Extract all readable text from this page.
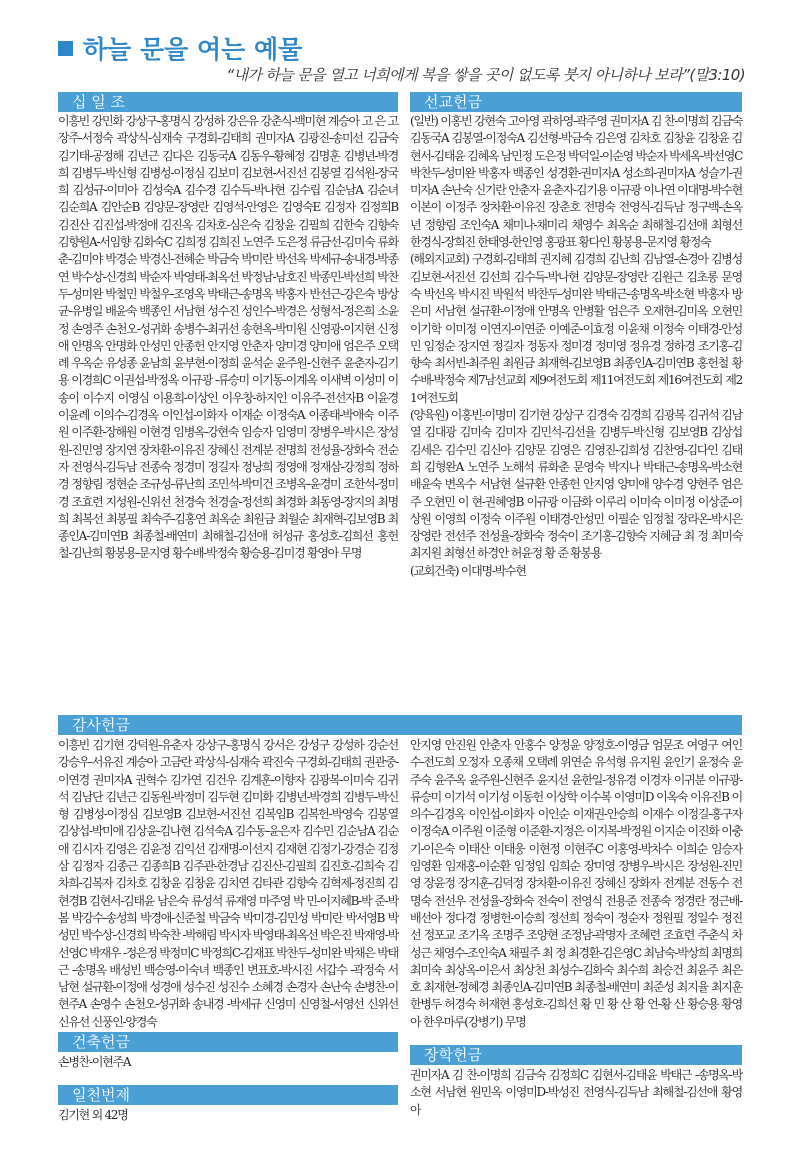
하늘 문을 여는 예물
“내가 하늘 문을 열고 너희에게 복을 쌓을 곳이 없도록 붓지 아니하나 보라”(말3:10)
십 일 조
이흥빈 강민화 강상구-홍명식 강성하 강은유 강춘식-백미현 계승아 고 은 고장주-서정숙 곽상식-심재숙 구경회-김태희 권미자A 김광진-송미선 김금숙 김기태-공정해 김년근 김다은 김동국A 김동우-황혜정 김명훈 김병년-박경희 김병두-박신형 김병성-이정심 김보미 김보현-서진선 김봉열 김석원-장국희 김성규-이미아 김성숙A 김수경 김수득-박나현 김수립 김순남A 김순녀 김순희A 김안순B 김양문-장영란 김영석-안영은 김영숙E 김정자 김정희B 김진산 김진섭-박정애 김진옥 김차호-심은숙 김창윤 김필희 김한숙 김향숙 김향원A-서임향 김화숙C 김희정 김희진 노연주 도은정 류금선-김미숙 류화춘-김미야 박경순 박경신-전혜순 박금숙 박미란 박선옥 박세규-송내경-박종연 박수상-신경희 박순자 박영태-최옥선 박정남-남호진 박종민-박선희 박찬두-성미완 박철민 박철우-조영옥 박태근-송명옥 박홍자 반선근-강은숙 방상균-유병일 배윤숙 백종인 서남현 성수진 성인수-박경은 성형석-정은희 소윤정 손영주 손천오-성귀화 송병수-최귀선 송현옥-박미원 신영광-이지현 신정애 안명옥 안명화 안성민 안종헌 안지영 안춘자 양미경 양미애 엄은주 오택례 우옥순 유성종 윤남희 윤부현-이정희 윤석순 윤주원-신현주 윤춘자-김기용 이경희C 이권섭-박정옥 이규광 -류승미 이기동-이계옥 이새벽 이성미 이송이 이수지 이영심 이용희-이상인 이우창-하지인 이유주-전선자B 이윤경 이윤례 이의수-김경옥 이인섭-이화자 이재순 이정숙A 이종태-박애숙 이주원 이주환-장해원 이현경 임병옥-강현숙 임승자 임영미 장병우-박시은 장성원-진민영 장지연 장차환-이유진 장혜신 전계분 전명희 전성율-장화숙 전순자 전영식-김득남 전종숙 정경미 정길자 정낭희 정영애 정재삼-강정희 정하경 정향림 정현순 조규성-류난희 조민석-박미건 조병옥-윤경미 조한석-정미경 조효련 지성원-신위선 천경숙 천경술-정선희 최경화 최동영-장지의 최명희 최복선 최봉필 최숙주-김홍연 최옥순 최원금 최월순 최재혁-김보영B 최종인A-김미연B 최종철-배연미 최해철-김선애 허성규 홍성호-김희선 홍헌철-김난희 황봉용-문지영 황수배-박정숙 황승용-김미경 황영아 무명
선교헌금
(일반) 이홍빈 강현숙 고아영 곽하영-곽주영 권미자A 김 찬-이명희 김금숙 김동국A 김봉열-이정숙A 김선형-박금숙 김은영 김차호 김창윤 김창윤 김현서-김태윤 김혜옥 남민정 도은정 박덕일-이순영 박순자 박세옥-박선영C 박찬두-성미완 박홍자 백종인 성경환-권미자A 성소희-권미자A 성슬기-권미자A 손난숙 신기란 안춘자 윤춘자-김기용 이규광 이나연 이대명-박수현 이본이 이정주 장차환-이유진 장춘호 전명숙 전영식-김득남 정구백-손옥년 정향림 조인숙A 채미나-채미리 채영수 최옥순 최해철-김선애 최형선 한경식-장희진 한태영-한인영 홍광표 황다인 황봉용-문지영 황정숙
(해외지교회) 구경회-김태희 권지혜 김경희 김난희 김남열-손경아 김병성 김보현-서진선 김선희 김수득-박나현 김양문-장영란 김원근 김초롱 문영숙 박선옥 박시진 박원석 박찬두-성미완 박태근-송명옥-박소현 박홍자 방은미 서남현 설규환-이정애 안명옥 안병활 엄은주 오재현-김미옥 오현민 이기학 이미정 이연지-이연준 이예준-이효정 이윤채 이정숙 이태경-안성민 임정순 장지연 정길자 정동자 정미경 정미영 정유경 정하경 조기홍-김향숙 최서빈-최주원 최원금 최재혁-김보영B 최종인A-김미연B 홍헌철 황수배-박정숙 제7남선교회 제9여전도회 제11여전도회 제16여전도회 제21여전도회
(양육원) 이홍빈-이명미 김기현 강상구 김경숙 김경희 김광복 김귀석 김남열 김대광 김미숙 김미자 김민석-김선율 김병두-박신형 김보영B 김상섭 김세은 김수민 김신아 김양문 김영은 김영진-김희성 김찬영-김다인 김태희 김형완A 노연주 노해석 류화춘 문영숙 박지나 박태근-송명옥-박소현 배윤숙 변옥수 서남현 설규환 안종헌 안지영 양미애 양수경 양현주 엄은주 오현민 이 현-권혜영B 이규광 이금화 이루리 이미숙 이미정 이상준-이상원 이영희 이정숙 이주원 이태경-안성민 이필순 임정철 장라온-박시은 장영란 전선주 전성율-장화숙 정숙이 조기홍-김향숙 지혜금 최 정 최미숙 최지원 최형선 하경안 허윤정 황 준 황봉용
(교회건축) 이대명-박수현
감사헌금
이흥빈 김기현 강덕원-유춘자 강상구-홍명식 강서은 강성구 강성하 강순선 강승우-서유진 계승아 고금란 곽상식-심재숙 곽진숙 구경회-김태희 권관중-이연경 권미자A 권혁수 김가연 김건우 김계훈-이향자 김광복-이미숙 김귀석 김남단 김년근 김동원-박정미 김두현 김미화 김병년-박경희 김병두-박신형 김병성-이정심 김보영B 김보현-서진선 김복임B 김복헌-박영숙 김봉열 김상섭-박미애 김상윤-김나현 김석숙A 김수동-윤은자 김수민 김순남A 김순애 김시자 김영은 김윤정 김익선 김재명-이선지 김재현 김정기-강경순 김정삼 김정자 김종근 김종희B 김주관-한경남 김진산-김필희 김진호-김희숙 김차희-김복자 김차호 김창윤 김창윤 김치연 김타관 김향숙 김혁제-정진희 김현경B 김현서-김태윤 남은숙 류성석 류재영 마주영 박 민-이지혜B-박 준-박 봄 박강수-송성희 박경애-신준철 박금숙 박미경-김민성 박미란 박서영B 박성민 박수상-신경희 박숙찬 -박해림 박시자 박영태-최옥선 박은진 박재영-박선영C 박재우 -정은정 박정미C 박정희C-김재표 박찬두-성미완 박채은 박태근 -송명옥 배성빈 백승영-이숙녀 백종인 변표호-박시진 서갑수 -곽정숙 서남현 설규환-이정애 성경애 성수진 성진수 소혜경 손경자 손난숙 손병찬-이현주A 손영수 손천오-성귀화 송내경 -박세규 신영미 신영철-서영선 신위선 신유선 신풍인-양경숙
안지영 안진원 안춘자 안홍수 양정윤 양정호-이영금 엄문조 여영구 여인수-전도희 오정자 오종채 오택례 위연순 유석형 유지원 윤인기 윤정숙 윤주숙 윤주옥 윤주원-신현주 윤지선 윤한일-정유경 이경자 이귀분 이규광-류승미 이기석 이기성 이동헌 이상학 이수복 이영미D 이옥숙 이유진B 이의수-김경옥 이인섭-이화자 이인순 이재권-안승희 이재수 이정길-홍구자 이정숙A 이주원 이준형 이준환-지정은 이지복-박정원 이지순 이진화 이충기-이은숙 이태산 이태웅 이현정 이현주C 이홍영-박차수 이희순 임승자 임영환 임재홍-이순환 임정임 임희순 장미영 장병우-박시은 장성원-진민영 장윤정 장지훈-김덕정 장차환-이유진 장혜신 장화자 전계분 전동수 전명숙 전선우 전성율-장화숙 전숙이 전영식 전용준 전종숙 정경란 정근배-배선아 정다경 정병헌-이승희 정선희 정숙이 정순자 정원필 정일수 정진선 정포교 조기옥 조명주 조양현 조정남-곽명자 조혜련 조효련 주춘식 차성근 채영수-조인숙A 채필주 최 정 최경환-김은영C 최남숙-박상희 최명희 최미숙 최상옥-이은서 최상천 최성수-김화숙 최수희 최승건 최윤주 최은호 최재현-정혜경 최종인A-김미연B 최종철-배연미 최준성 최지율 최지훈 한병두 허경숙 허재현 홍성호-김희선 황 민 황 산 황 언-황 산 황승용 황영아 한우마루(강병기) 무명
건축헌금
손병찬-이현주A
일천번제
김기현 외 42명
장학헌금
권미자A 김 찬-이명희 김금숙 김정희C 김현서-김태윤 박태근 -송명옥-박소현 서남현 원민옥 이영미D-박성진 전영식-김득남 최해철-김선애 황영아
